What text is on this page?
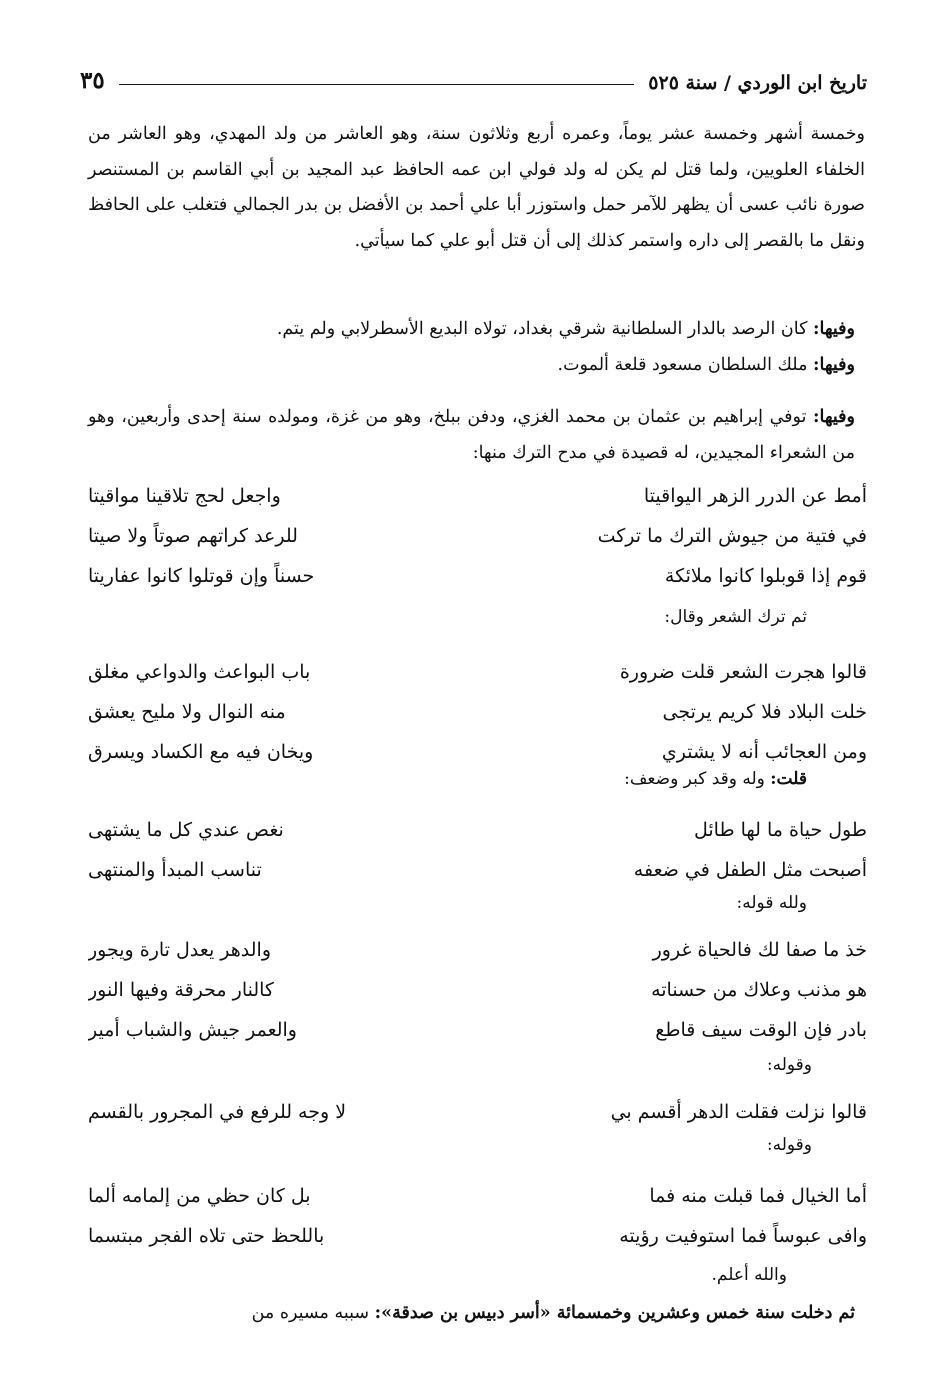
تاريخ ابن الوردي / سنة ٥٢٥
٣٥
وخمسة أشهر وخمسة عشر يوماً، وعمره أربع وثلاثون سنة، وهو العاشر من ولد المهدي، وهو العاشر من الخلفاء العلويين، ولما قتل لم يكن له ولد فولي ابن عمه الحافظ عبد المجيد بن أبي القاسم بن المستنصر صورة نائب عسى أن يظهر للآمر حمل واستوزر أبا علي أحمد بن الأفضل بن بدر الجمالي فتغلب على الحافظ ونقل ما بالقصر إلى داره واستمر كذلك إلى أن قتل أبو علي كما سيأتي.
وفيها: كان الرصد بالدار السلطانية شرقي بغداد، تولاه البديع الأسطرلابي ولم يتم.
وفيها: ملك السلطان مسعود قلعة ألموت.
وفيها: توفي إبراهيم بن عثمان بن محمد الغزي، ودفن ببلخ، وهو من غزة، ومولده سنة إحدى وأربعين، وهو من الشعراء المجيدين، له قصيدة في مدح الترك منها:
أمط عن الدرر الزهر اليواقيتا
واجعل لحج تلاقينا مواقيتا
في فتية من جيوش الترك ما تركت
للرعد كراتهم صوتاً ولا صيتا
قوم إذا قوبلوا كانوا ملائكة
حسناً وإن قوتلوا كانوا عفاريتا
ثم ترك الشعر وقال:
قالوا هجرت الشعر قلت ضرورة
باب البواعث والدواعي مغلق
خلت البلاد فلا كريم يرتجى
منه النوال ولا مليح يعشق
ومن العجائب أنه لا يشتري
ويخان فيه مع الكساد ويسرق
قلت: وله وقد كبر وضعف:
طول حياة ما لها طائل
نغص عندي كل ما يشتهى
أصبحت مثل الطفل في ضعفه
تناسب المبدأ والمنتهى
ولله قوله:
خذ ما صفا لك فالحياة غرور
والدهر يعدل تارة ويجور
هو مذنب وعلاك من حسناته
كالنار محرقة وفيها النور
بادر فإن الوقت سيف قاطع
والعمر جيش والشباب أمير
وقوله:
قالوا نزلت فقلت الدهر أقسم بي
لا وجه للرفع في المجرور بالقسم
وقوله:
أما الخيال فما قبلت منه فما
بل كان حظي من إلمامه ألما
وافى عبوساً فما استوفيت رؤيته
باللحظ حتى تلاه الفجر مبتسما
والله أعلم.
ثم دخلت سنة خمس وعشرين وخمسمائة «أسر دبيس بن صدقة»: سببه مسيره من
